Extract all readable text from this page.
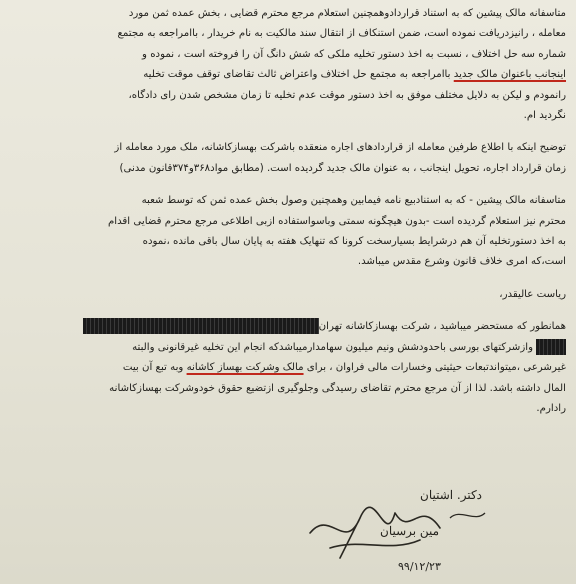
متاسفانه مالک پیشین که به استناد قراردادوهمچنین استعلام مرجع محترم قضایی ، بخش عمده ثمن مورد
معامله ، رانیزدریافت نموده است، ضمن استنکاف از انتقال سند مالکیت به نام خریدار ، باامراجعه به مجتمع
شماره سه حل اختلاف ، نسبت به اخذ دستور تخلیه ملکی که شش دانگ آن را فروخته است ، نموده و
اینجانب باعنوان مالک جدید باامراجعه به مجتمع حل اختلاف واعتراض ثالث تقاضای توقف موقت تخلیه
رانمودم و لیکن به دلایل مختلف موفق به اخذ دستور موقت عدم تخلیه تا زمان مشخص شدن رای دادگاه،
نگردید ام.
توضیح اینکه با اطلاع طرفین معامله از قراردادهای اجاره منعقده باشرکت بهسازکاشانه، ملک مورد معامله از
زمان قرارداد اجاره، تحویل اینجانب ، به عنوان مالک جدید گردیده است. (مطابق مواد۳۶۸و۳۷۴قانون مدنی)
متاسفانه مالک پیشین - که به استنادبیع نامه فیمابین وهمچنین وصول بخش عمده ثمن که توسط شعبه
محترم نیز استعلام گردیده است -بدون هیچگونه سمتی وباسواستفاده ازبی اطلاعی مرجع محترم قضایی اقدام
به اخذ دستورتخلیه آن هم درشرایط بسیارسخت کرونا که تنهایک هفته به پایان سال باقی مانده ،نموده
است،که امری خلاف قانون وشرع مقدس میباشد.
ریاست عالیقدر،
همانطور که مستحضر میباشید ، شرکت بهسازکاشانه تهران
وازشرکتهای بورسی باحدودشش ونیم میلیون سهامدارمیباشدکه انجام این تخلیه غیرقانونی والبته
غیرشرعی ،میتواندتبعات حیثیتی وخسارات مالی فراوان ، برای مالک وشرکت بهساز کاشانه وبه تبع آن بیت
المال داشته باشد. لذا از آن مرجع محترم تقاضای رسیدگی وجلوگیری ازتضیع حقوق خودوشرکت بهسازکاشانه
رادارم.
دکتر. اشتیان
مین برسیان
۹۹/۱۲/۲۳
